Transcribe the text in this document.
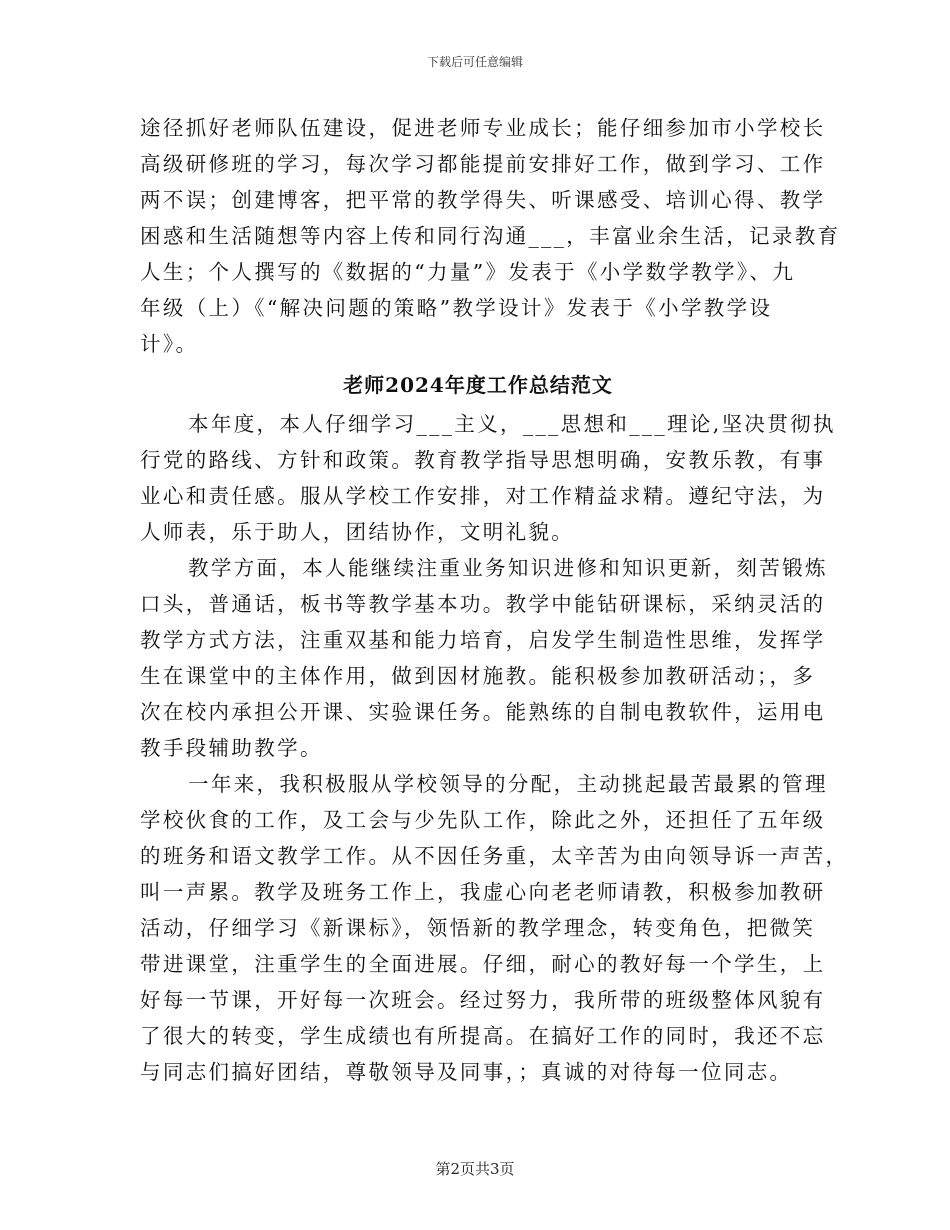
下载后可任意编辑
途径抓好老师队伍建设，促进老师专业成长；能仔细参加市小学校长
高级研修班的学习，每次学习都能提前安排好工作，做到学习、工作
两不误；创建博客，把平常的教学得失、听课感受、培训心得、教学
困惑和生活随想等内容上传和同行沟通___，丰富业余生活，记录教育
人生；个人撰写的《数据的“力量”》发表于《小学数学教学》、九
年级（上）《“解决问题的策略”教学设计》发表于《小学教学设
计》。
老师2024年度工作总结范文
本年度，本人仔细学习___主义，___思想和___理论,坚决贯彻执
行党的路线、方针和政策。教育教学指导思想明确，安教乐教，有事
业心和责任感。服从学校工作安排，对工作精益求精。遵纪守法，为
人师表，乐于助人，团结协作，文明礼貌。
教学方面，本人能继续注重业务知识进修和知识更新，刻苦锻炼
口头，普通话，板书等教学基本功。教学中能钻研课标，采纳灵活的
教学方式方法，注重双基和能力培育，启发学生制造性思维，发挥学
生在课堂中的主体作用，做到因材施教。能积极参加教研活动；，多
次在校内承担公开课、实验课任务。能熟练的自制电教软件，运用电
教手段辅助教学。
一年来，我积极服从学校领导的分配，主动挑起最苦最累的管理
学校伙食的工作，及工会与少先队工作，除此之外，还担任了五年级
的班务和语文教学工作。从不因任务重，太辛苦为由向领导诉一声苦，
叫一声累。教学及班务工作上，我虚心向老老师请教，积极参加教研
活动，仔细学习《新课标》，领悟新的教学理念，转变角色，把微笑
带进课堂，注重学生的全面进展。仔细，耐心的教好每一个学生，上
好每一节课，开好每一次班会。经过努力，我所带的班级整体风貌有
了很大的转变，学生成绩也有所提高。在搞好工作的同时，我还不忘
与同志们搞好团结，尊敬领导及同事，；真诚的对待每一位同志。
第2页共3页
